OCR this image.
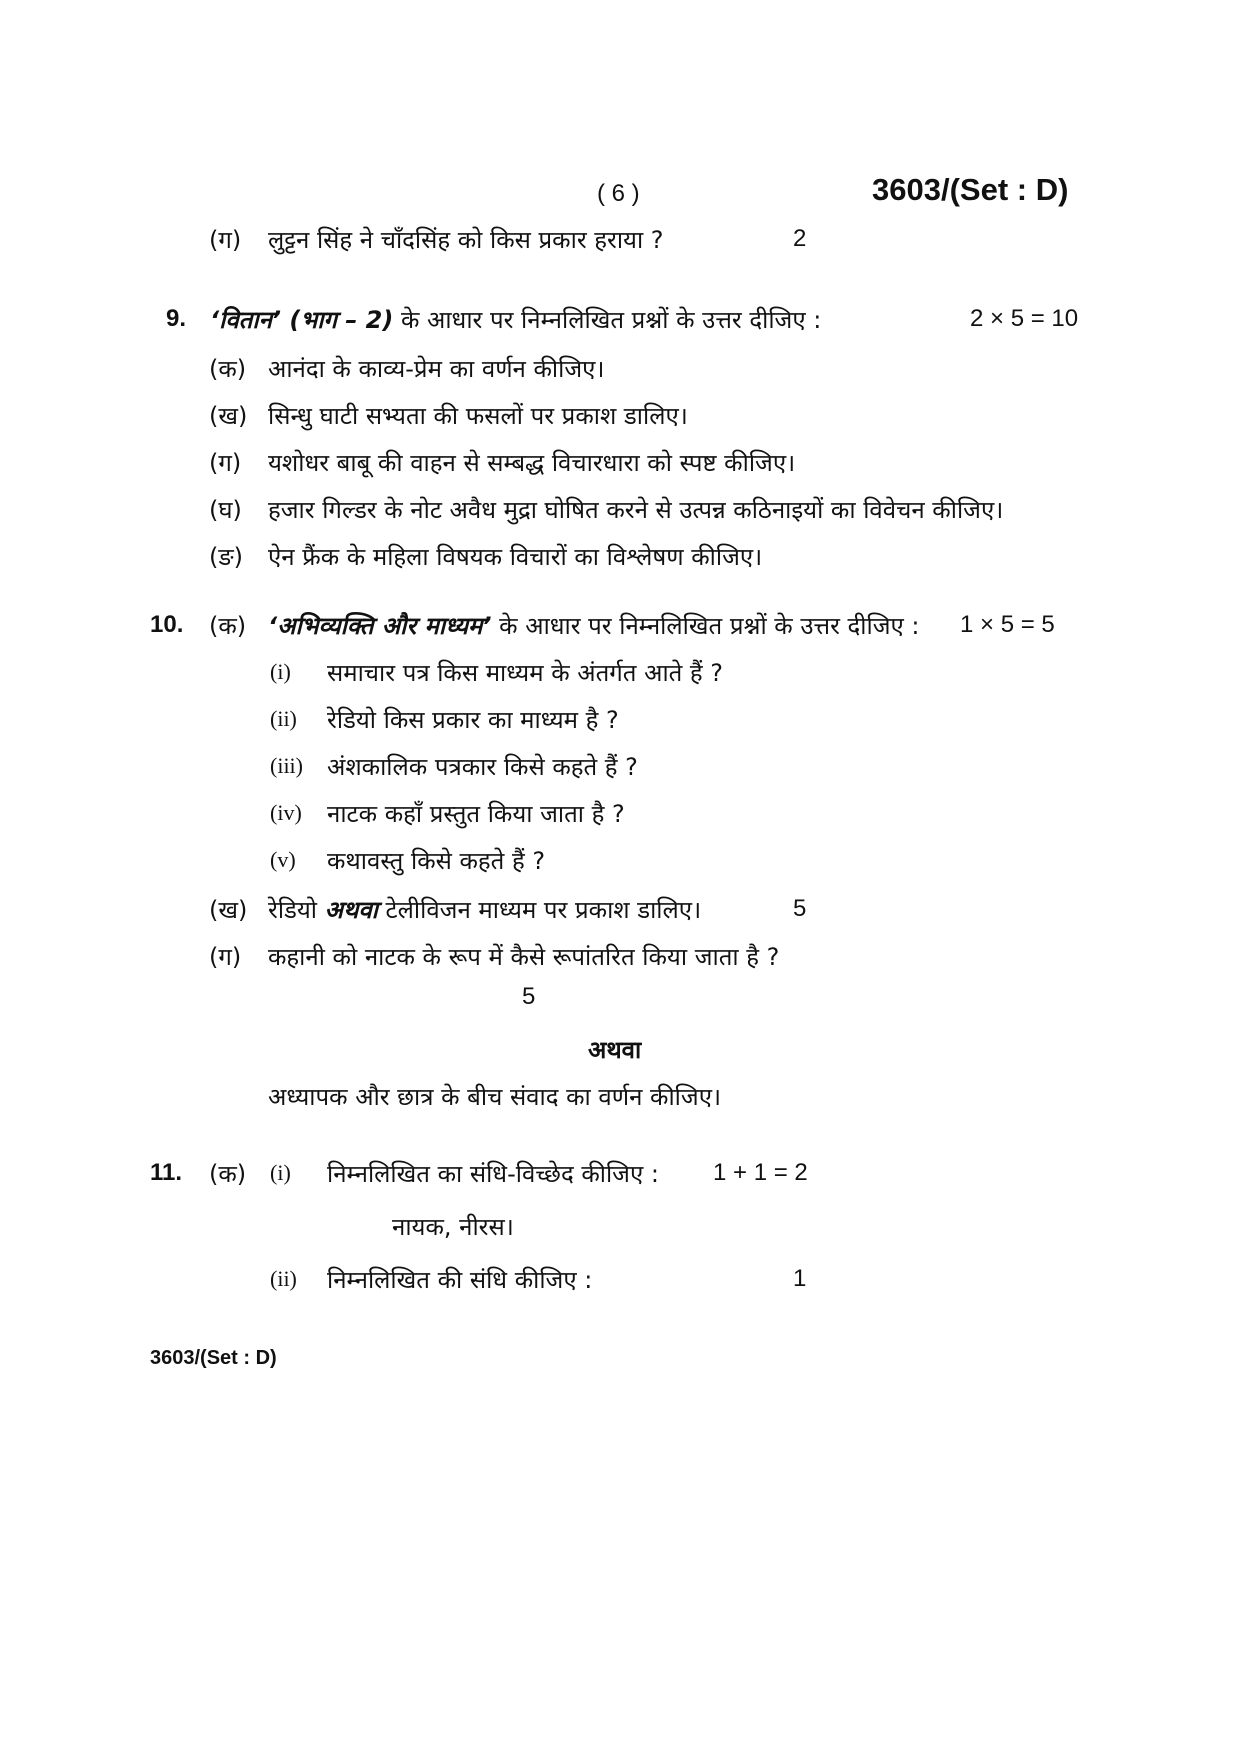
( 6 )	3603/(Set : D)
(ग) लुट्टन सिंह ने चाँदसिंह को किस प्रकार हराया ?	2
9. ‘वितान’ (भाग – 2) के आधार पर निम्नलिखित प्रश्नों के उत्तर दीजिए :	2 × 5 = 10
(क) आनंदा के काव्य-प्रेम का वर्णन कीजिए।
(ख) सिन्धु घाटी सभ्यता की फसलों पर प्रकाश डालिए।
(ग) यशोधर बाबू की वाहन से सम्बद्ध विचारधारा को स्पष्ट कीजिए।
(घ) हजार गिल्डर के नोट अवैध मुद्रा घोषित करने से उत्पन्न कठिनाइयों का विवेचन कीजिए।
(ङ) ऐन फ्रैंक के महिला विषयक विचारों का विश्लेषण कीजिए।
10. (क) ‘अभिव्यक्ति और माध्यम’ के आधार पर निम्नलिखित प्रश्नों के उत्तर दीजिए : 1 × 5 = 5
(i) समाचार पत्र किस माध्यम के अंतर्गत आते हैं ?
(ii) रेडियो किस प्रकार का माध्यम है ?
(iii) अंशकालिक पत्रकार किसे कहते हैं ?
(iv) नाटक कहाँ प्रस्तुत किया जाता है ?
(v) कथावस्तु किसे कहते हैं ?
(ख) रेडियो अथवा टेलीविजन माध्यम पर प्रकाश डालिए।	5
(ग) कहानी को नाटक के रूप में कैसे रूपांतरित किया जाता है ?
5
अथवा
अध्यापक और छात्र के बीच संवाद का वर्णन कीजिए।
11. (क) (i) निम्नलिखित का संधि-विच्छेद कीजिए : 1 + 1 = 2
नायक, नीरस।
(ii) निम्नलिखित की संधि कीजिए :	1
3603/(Set : D)
